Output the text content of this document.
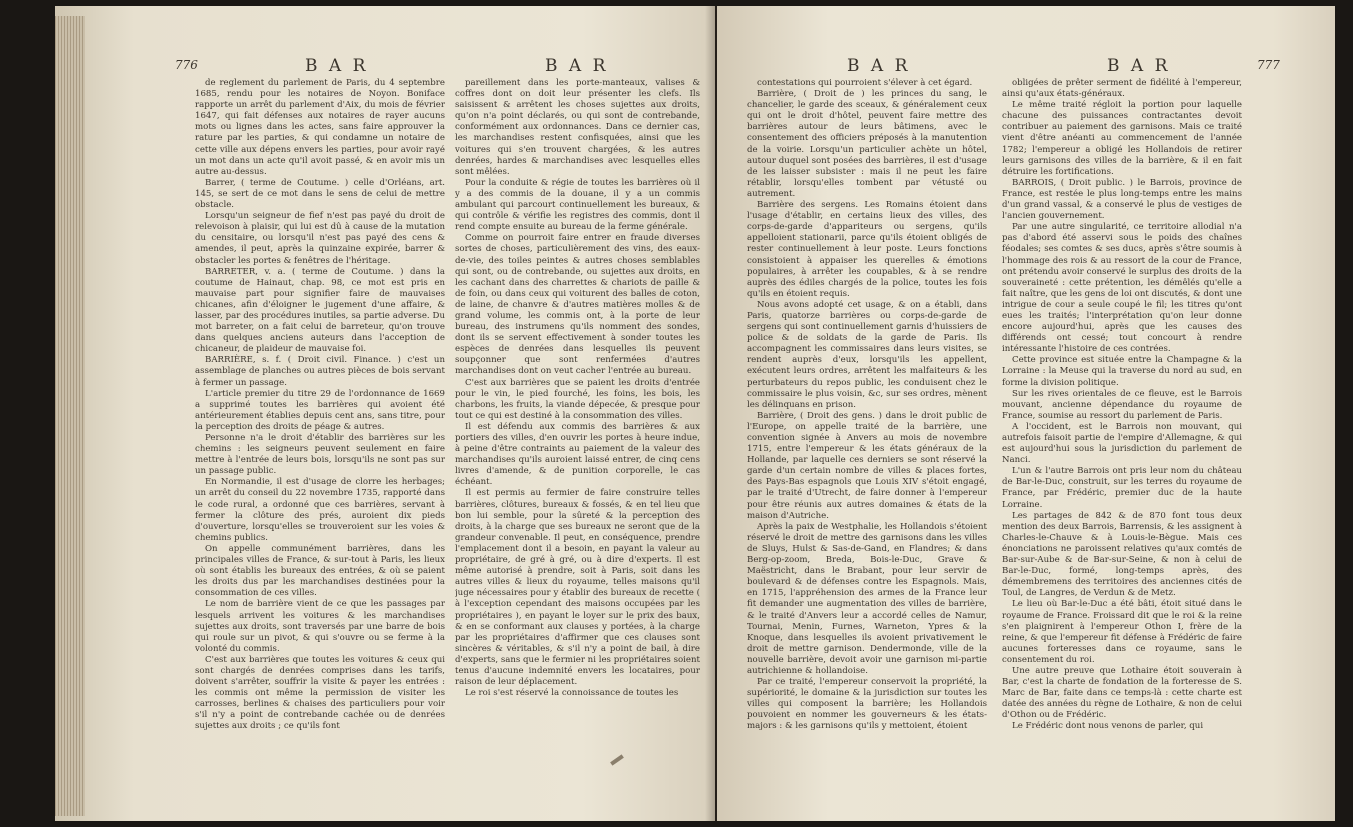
776	B A R	B A R

de reglement du parlement de Paris, du 4 septembre 1685, rendu pour les notaires de Noyon. Boniface rapporte un arrêt du parlement d'Aix, du mois de février 1647, qui fait défenses aux notaires de rayer aucuns mots ou lignes dans les actes, sans faire approuver la rature par les parties, & qui condamne un notaire de cette ville aux dépens envers les parties, pour avoir rayé un mot dans un acte qu'il avoit passé, & en avoir mis un autre au-dessus.

Barrer, ( terme de Coutume. ) celle d'Orléans, art. 145, se sert de ce mot dans le sens de celui de mettre obstacle.

Lorsqu'un seigneur de fief n'est pas payé du droit de relevoison à plaisir, qui lui est dû à cause de la mutation du censitaire, ou lorsqu'il n'est pas payé des cens & amendes, il peut, après la quinzaine expirée, barrer & obstacler les portes & fenêtres de l'héritage.

BARRETER, v. a. ( terme de Coutume. ) dans la coutume de Hainaut, chap. 98, ce mot est pris en mauvaise part pour signifier faire de mauvaises chicanes, afin d'éloigner le jugement d'une affaire, & lasser, par des procédures inutiles, sa partie adverse. Du mot barreter, on a fait celui de barreteur, qu'on trouve dans quelques anciens auteurs dans l'acception de chicaneur, de plaideur de mauvaise foi.

BARRIÈRE, s. f. ( Droit civil. Finance. ) c'est un assemblage de planches ou autres pièces de bois servant à fermer un passage.

L'article premier du titre 29 de l'ordonnance de 1669 a supprimé toutes les barrières qui avoient été antérieurement établies depuis cent ans, sans titre, pour la perception des droits de péage & autres.

Personne n'a le droit d'établir des barrières sur les chemins : les seigneurs peuvent seulement en faire mettre à l'entrée de leurs bois, lorsqu'ils ne sont pas sur un passage public.

En Normandie, il est d'usage de clorre les herbages; un arrêt du conseil du 22 novembre 1735, rapporté dans le code rural, a ordonné que ces barrières, servant à fermer la clôture des prés, auroient dix pieds d'ouverture, lorsqu'elles se trouveroient sur les voies & chemins publics.

On appelle communément barrières, dans les principales villes de France, & sur-tout à Paris, les lieux où sont établis les bureaux des entrées, & où se paient les droits dus par les marchandises destinées pour la consommation de ces villes.

Le nom de barrière vient de ce que les passages par lesquels arrivent les voitures & les marchandises sujettes aux droits, sont traversés par une barre de bois qui roule sur un pivot, & qui s'ouvre ou se ferme à la volonté du commis.

C'est aux barrières que toutes les voitures & ceux qui sont chargés de denrées comprises dans les tarifs, doivent s'arrêter, souffrir la visite & payer les entrées : les commis ont même la permission de visiter les carrosses, berlines & chaises des particuliers pour voir s'il n'y a point de contrebande cachée ou de denrées sujettes aux droits ; ce qu'ils font

pareillement dans les porte-manteaux, valises & coffres dont on doit leur présenter les clefs. Ils saisissent & arrêtent les choses sujettes aux droits, qu'on n'a point déclarés, ou qui sont de contrebande, conformément aux ordonnances. Dans ce dernier cas, les marchandises restent confisquées, ainsi que les voitures qui s'en trouvent chargées, & les autres denrées, hardes & marchandises avec lesquelles elles sont mêlées.

Pour la conduite & régie de toutes les barrières où il y a des commis de la douane, il y a un commis ambulant qui parcourt continuellement les bureaux, & qui contrôle & vérifie les registres des commis, dont il rend compte ensuite au bureau de la ferme générale.

Comme on pourroit faire entrer en fraude diverses sortes de choses, particulièrement des vins, des eaux-de-vie, des toiles peintes & autres choses semblables qui sont, ou de contrebande, ou sujettes aux droits, en les cachant dans des charrettes & chariots de paille & de foin, ou dans ceux qui voiturent des balles de coton, de laine, de chanvre & d'autres matières molles & de grand volume, les commis ont, à la porte de leur bureau, des instrumens qu'ils nomment des sondes, dont ils se servent effectivement à sonder toutes les espèces de denrées dans lesquelles ils peuvent soupçonner que sont renfermées d'autres marchandises dont on veut cacher l'entrée au bureau.

C'est aux barrières que se paient les droits d'entrée pour le vin, le pied fourché, les foins, les bois, les charbons, les fruits, la viande dépecée, & presque pour tout ce qui est destiné à la consommation des villes.

Il est défendu aux commis des barrières & aux portiers des villes, d'en ouvrir les portes à heure indue, à peine d'être contraints au paiement de la valeur des marchandises qu'ils auroient laissé entrer, de cinq cens livres d'amende, & de punition corporelle, le cas échéant.

Il est permis au fermier de faire construire telles barrières, clôtures, bureaux & fossés, & en tel lieu que bon lui semble, pour la sûreté & la perception des droits, à la charge que ses bureaux ne seront que de la grandeur convenable. Il peut, en conséquence, prendre l'emplacement dont il a besoin, en payant la valeur au propriétaire, de gré à gré, ou à dire d'experts. Il est même autorisé à prendre, soit à Paris, soit dans les autres villes & lieux du royaume, telles maisons qu'il juge nécessaires pour y établir des bureaux de recette ( à l'exception cependant des maisons occupées par les propriétaires ), en payant le loyer sur le prix des baux, & en se conformant aux clauses y portées, à la charge par les propriétaires d'affirmer que ces clauses sont sincères & véritables, & s'il n'y a point de bail, à dire d'experts, sans que le fermier ni les propriétaires soient tenus d'aucune indemnité envers les locataires, pour raison de leur déplacement.

Le roi s'est réservé la connoissance de toutes les

B A R	B A R	777

contestations qui pourroient s'élever à cet égard.

Barrière, ( Droit de ) les princes du sang, le chancelier, le garde des sceaux, & généralement ceux qui ont le droit d'hôtel, peuvent faire mettre des barrières autour de leurs bâtimens, avec le consentement des officiers préposés à la manutention de la voirie. Lorsqu'un particulier achète un hôtel, autour duquel sont posées des barrières, il est d'usage de les laisser subsister : mais il ne peut les faire rétablir, lorsqu'elles tombent par vétusté ou autrement.

Barrière des sergens. Les Romains étoient dans l'usage d'établir, en certains lieux des villes, des corps-de-garde d'appariteurs ou sergens, qu'ils appelloient stationarii, parce qu'ils étoient obligés de rester continuellement à leur poste. Leurs fonctions consistoient à appaiser les querelles & émotions populaires, à arrêter les coupables, & à se rendre auprès des édiles chargés de la police, toutes les fois qu'ils en étoient requis.

Nous avons adopté cet usage, & on a établi, dans Paris, quatorze barrières ou corps-de-garde de sergens qui sont continuellement garnis d'huissiers de police & de soldats de la garde de Paris. Ils accompagnent les commissaires dans leurs visites, se rendent auprès d'eux, lorsqu'ils les appellent, exécutent leurs ordres, arrêtent les malfaiteurs & les perturbateurs du repos public, les conduisent chez le commissaire le plus voisin, &c, sur ses ordres, mènent les délinquans en prison.

Barrière, ( Droit des gens. ) dans le droit public de l'Europe, on appelle traité de la barrière, une convention signée à Anvers au mois de novembre 1715, entre l'empereur & les états généraux de la Hollande, par laquelle ces derniers se sont réservé la garde d'un certain nombre de villes & places fortes, des Pays-Bas espagnols que Louis XIV s'étoit engagé, par le traité d'Utrecht, de faire donner à l'empereur pour être réunis aux autres domaines & états de la maison d'Autriche.

Après la paix de Westphalie, les Hollandois s'étoient réservé le droit de mettre des garnisons dans les villes de Sluys, Hulst & Sas-de-Gand, en Flandres; & dans Berg-op-zoom, Breda, Bois-le-Duc, Grave & Maëstricht, dans le Brabant, pour leur servir de boulevard & de défenses contre les Espagnols. Mais, en 1715, l'appréhension des armes de la France leur fit demander une augmentation des villes de barrière, & le traité d'Anvers leur a accordé celles de Namur, Tournai, Menin, Furnes, Warneton, Ypres & la Knoque, dans lesquelles ils avoient privativement le droit de mettre garnison. Dendermonde, ville de la nouvelle barrière, devoit avoir une garnison mi-partie autrichienne & hollandoise.

Par ce traité, l'empereur conservoit la propriété, la supériorité, le domaine & la jurisdiction sur toutes les villes qui composent la barrière; les Hollandois pouvoient en nommer les gouverneurs & les états-majors : & les garnisons qu'ils y mettoient, étoient

obligées de prêter serment de fidélité à l'empereur, ainsi qu'aux états-généraux.

Le même traité régloit la portion pour laquelle chacune des puissances contractantes devoit contribuer au paiement des garnisons. Mais ce traité vient d'être anéanti au commencement de l'année 1782; l'empereur a obligé les Hollandois de retirer leurs garnisons des villes de la barrière, & il en fait détruire les fortifications.

BARROIS, ( Droit public. ) le Barrois, province de France, est restée le plus long-temps entre les mains d'un grand vassal, & a conservé le plus de vestiges de l'ancien gouvernement.

Par une autre singularité, ce territoire allodial n'a pas d'abord été asservi sous le poids des chaînes féodales; ses comtes & ses ducs, après s'être soumis à l'hommage des rois & au ressort de la cour de France, ont prétendu avoir conservé le surplus des droits de la souveraineté : cette prétention, les démêlés qu'elle a fait naître, que les gens de loi ont discutés, & dont une intrigue de cour a seule coupé le fil; les titres qu'ont eues les traités; l'interprétation qu'on leur donne encore aujourd'hui, après que les causes des différends ont cessé; tout concourt à rendre intéressante l'histoire de ces contrées.

Cette province est située entre la Champagne & la Lorraine : la Meuse qui la traverse du nord au sud, en forme la division politique.

Sur les rives orientales de ce fleuve, est le Barrois mouvant, ancienne dépendance du royaume de France, soumise au ressort du parlement de Paris.

A l'occident, est le Barrois non mouvant, qui autrefois faisoit partie de l'empire d'Allemagne, & qui est aujourd'hui sous la jurisdiction du parlement de Nanci.

L'un & l'autre Barrois ont pris leur nom du château de Bar-le-Duc, construit, sur les terres du royaume de France, par Frédéric, premier duc de la haute Lorraine.

Les partages de 842 & de 870 font tous deux mention des deux Barrois, Barrensis, & les assignent à Charles-le-Chauve & à Louis-le-Bègue. Mais ces énonciations ne paroissent relatives qu'aux comtés de Bar-sur-Aube & de Bar-sur-Seine, & non à celui de Bar-le-Duc, formé, long-temps après, des démembremens des territoires des anciennes cités de Toul, de Langres, de Verdun & de Metz.

Le lieu où Bar-le-Duc a été bâti, étoit situé dans le royaume de France. Froissard dit que le roi & la reine s'en plaignirent à l'empereur Othon I, frère de la reine, & que l'empereur fit défense à Frédéric de faire aucunes forteresses dans ce royaume, sans le consentement du roi.

Une autre preuve que Lothaire étoit souverain à Bar, c'est la charte de fondation de la forteresse de S. Marc de Bar, faite dans ce temps-là : cette charte est datée des années du règne de Lothaire, & non de celui d'Othon ou de Frédéric.

Le Frédéric dont nous venons de parler, qui
